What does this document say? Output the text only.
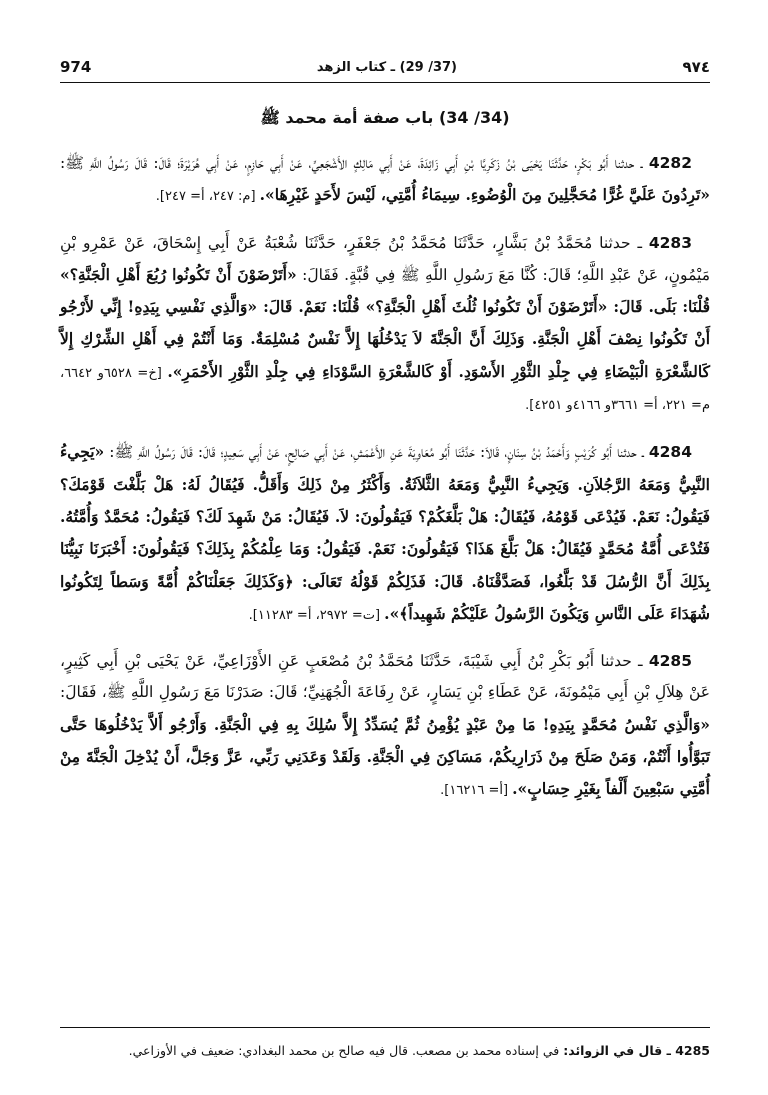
974	(37/ 29) ـ كتاب الزهد	٩٧٤
(34/ 34) باب صفة أمة محمد ﷺ

4282 ـ حدثنا أَبُو بَكْرٍ، حَدَّثَنَا يَحْيَى بْنُ زَكَرِيَّا بْنِ أَبِي زَائِدَةَ، عَنْ أَبِي مَالِكٍ الأَشْجَعِيِّ، عَنْ أَبِي حَازِمٍ، عَنْ أَبِي هُرَيْرَةَ؛ قَالَ: قَالَ رَسُولُ اللَّهِ ﷺ: «تَرِدُونَ عَلَيَّ غُرًّا مُحَجَّلِينَ مِنَ الْوُضُوءِ. سِيمَاءُ أُمَّتِي، لَيْسَ لأَحَدٍ غَيْرِهَا». [م: ٢٤٧، أ= ٢٤٧].

4283 ـ حدثنا مُحَمَّدُ بْنُ بَشَّارٍ، حَدَّثَنَا مُحَمَّدُ بْنُ جَعْفَرٍ، حَدَّثَنَا شُعْبَةُ عَنْ أَبِي إِسْحَاقَ، عَنْ عَمْرِو بْنِ مَيْمُونٍ، عَنْ عَبْدِ اللَّهِ؛ قَالَ: كُنَّا مَعَ رَسُولِ اللَّهِ ﷺ فِي قُبَّةٍ. فَقَالَ: «أَتَرْضَوْنَ أَنْ تَكُونُوا رُبُعَ أَهْلِ الْجَنَّةِ؟» قُلْنَا: بَلَى. قَالَ: «أَتَرْضَوْنَ أَنْ تَكُونُوا ثُلُثَ أَهْلِ الْجَنَّةِ؟» قُلْنَا: نَعَمْ. قَالَ: «وَالَّذِي نَفْسِي بِيَدِهِ! إِنِّي لأَرْجُو أَنْ تَكُونُوا نِصْفَ أَهْلِ الْجَنَّةِ. وَذَلِكَ أَنَّ الْجَنَّةَ لاَ يَدْخُلُهَا إِلاَّ نَفْسٌ مُسْلِمَةٌ. وَمَا أَنْتُمْ فِي أَهْلِ الشِّرْكِ إِلاَّ كَالشَّعْرَةِ الْبَيْضَاءِ فِي جِلْدِ الثَّوْرِ الأَسْوَدِ. أَوْ كَالشَّعْرَةِ السَّوْدَاءِ فِي جِلْدِ الثَّوْرِ الأَحْمَرِ». [خ= ٦٥٢٨و ٦٦٤٢، م= ٢٢١، أ= ٣٦٦١و ٤١٦٦و ٤٢٥١].

4284 ـ حدثنا أَبُو كُرَيْبٍ وَأَحْمَدُ بْنُ سِنَانٍ، قَالاَ: حَدَّثَنَا أَبُو مُعَاوِيَةَ عَنِ الأَعْمَشِ، عَنْ أَبِي صَالِحٍ، عَنْ أَبِي سَعِيدٍ؛ قَالَ: قَالَ رَسُولُ اللَّهِ ﷺ: «يَجِيءُ النَّبِيُّ وَمَعَهُ الرَّجُلاَنِ. وَيَجِيءُ النَّبِيُّ وَمَعَهُ الثَّلاَثَةُ. وَأَكْثَرُ مِنْ ذَلِكَ وَأَقَلُّ. فَيُقَالُ لَهُ: هَلْ بَلَّغْتَ قَوْمَكَ؟ فَيَقُولُ: نَعَمْ. فَيُدْعَى قَوْمُهُ، فَيُقَالُ: هَلْ بَلَّغَكُمْ؟ فَيَقُولُونَ: لاَ. فَيُقَالُ: مَنْ شَهِدَ لَكَ؟ فَيَقُولُ: مُحَمَّدٌ وَأُمَّتُهُ. فَتُدْعَى أُمَّةُ مُحَمَّدٍ فَيُقَالُ: هَلْ بَلَّغَ هَذَا؟ فَيَقُولُونَ: نَعَمْ. فَيَقُولُ: وَمَا عِلْمُكُمْ بِذَلِكَ؟ فَيَقُولُونَ: أَخْبَرَنَا نَبِيُّنَا بِذَلِكَ أَنَّ الرُّسُلَ قَدْ بَلَّغُوا، فَصَدَّقْنَاهُ. قَالَ: فَذَلِكُمْ قَوْلُهُ تَعَالَى: ﴿وَكَذَلِكَ جَعَلْنَاكُمْ أُمَّةً وَسَطاً لِتَكُونُوا شُهَدَاءَ عَلَى النَّاسِ وَيَكُونَ الرَّسُولُ عَلَيْكُمْ شَهِيداً﴾». [ت= ٢٩٧٢، أ= ١١٢٨٣].

4285 ـ حدثنا أَبُو بَكْرِ بْنُ أَبِي شَيْبَةَ، حَدَّثَنَا مُحَمَّدُ بْنُ مُصْعَبٍ عَنِ الأَوْزَاعِيِّ، عَنْ يَحْيَى بْنِ أَبِي كَثِيرٍ، عَنْ هِلاَلِ بْنِ أَبِي مَيْمُونَةَ، عَنْ عَطَاءِ بْنِ يَسَارٍ، عَنْ رِفَاعَةَ الْجُهَنِيِّ؛ قَالَ: صَدَرْنَا مَعَ رَسُولِ اللَّهِ ﷺ، فَقَالَ: «وَالَّذِي نَفْسُ مُحَمَّدٍ بِيَدِهِ! مَا مِنْ عَبْدٍ يُؤْمِنُ ثُمَّ يُسَدِّدُ إِلاَّ سُلِكَ بِهِ فِي الْجَنَّةِ. وَأَرْجُو أَلاَّ يَدْخُلُوهَا حَتَّى تَبَوَّأُوا أَنْتُمْ، وَمَنْ صَلَحَ مِنْ ذَرَارِيكُمْ، مَسَاكِنَ فِي الْجَنَّةِ. وَلَقَدْ وَعَدَنِي رَبِّي، عَزَّ وَجَلَّ، أَنْ يُدْخِلَ الْجَنَّةَ مِنْ أُمَّتِي سَبْعِينَ أَلْفاً بِغَيْرِ حِسَابٍ». [أ= ١٦٢١٦].

4285 ـ قال في الزوائد: في إسناده محمد بن مصعب. قال فيه صالح بن محمد البغدادي: ضعيف في الأوزاعي.
